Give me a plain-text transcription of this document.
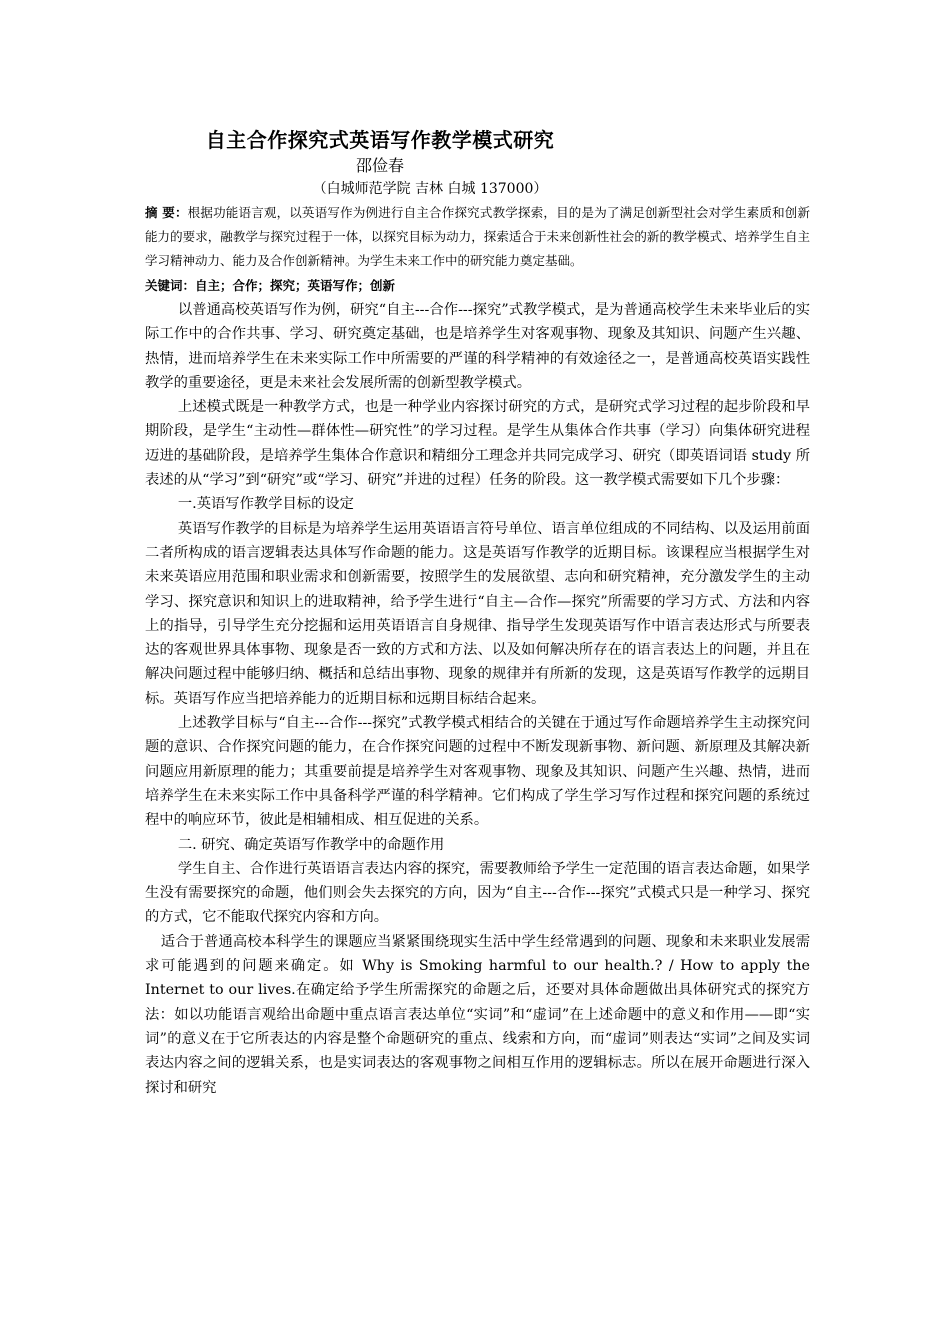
自主合作探究式英语写作教学模式研究
邵俭春
（白城师范学院 吉林 白城 137000）
摘 要：根据功能语言观，以英语写作为例进行自主合作探究式教学探索，目的是为了满足创新型社会对学生素质和创新能力的要求，融教学与探究过程于一体，以探究目标为动力，探索适合于未来创新性社会的新的教学模式、培养学生自主学习精神动力、能力及合作创新精神。为学生未来工作中的研究能力奠定基础。
关键词：自主；合作；探究；英语写作；创新

以普通高校英语写作为例，研究“自主---合作---探究”式教学模式，是为普通高校学生未来毕业后的实际工作中的合作共事、学习、研究奠定基础，也是培养学生对客观事物、现象及其知识、问题产生兴趣、热情，进而培养学生在未来实际工作中所需要的严谨的科学精神的有效途径之一，是普通高校英语实践性教学的重要途径，更是未来社会发展所需的创新型教学模式。

上述模式既是一种教学方式，也是一种学业内容探讨研究的方式，是研究式学习过程的起步阶段和早期阶段，是学生“主动性—群体性—研究性”的学习过程。是学生从集体合作共事（学习）向集体研究进程迈进的基础阶段，是培养学生集体合作意识和精细分工理念并共同完成学习、研究（即英语词语 study 所表述的从“学习”到“研究”或“学习、研究”并进的过程）任务的阶段。这一教学模式需要如下几个步骤：

一.英语写作教学目标的设定

英语写作教学的目标是为培养学生运用英语语言符号单位、语言单位组成的不同结构、以及运用前面二者所构成的语言逻辑表达具体写作命题的能力。这是英语写作教学的近期目标。该课程应当根据学生对未来英语应用范围和职业需求和创新需要，按照学生的发展欲望、志向和研究精神，充分激发学生的主动学习、探究意识和知识上的进取精神，给予学生进行“自主—合作—探究”所需要的学习方式、方法和内容上的指导，引导学生充分挖掘和运用英语语言自身规律、指导学生发现英语写作中语言表达形式与所要表达的客观世界具体事物、现象是否一致的方式和方法、以及如何解决所存在的语言表达上的问题，并且在解决问题过程中能够归纳、概括和总结出事物、现象的规律并有所新的发现，这是英语写作教学的远期目标。英语写作应当把培养能力的近期目标和远期目标结合起来。

上述教学目标与“自主---合作---探究”式教学模式相结合的关键在于通过写作命题培养学生主动探究问题的意识、合作探究问题的能力，在合作探究问题的过程中不断发现新事物、新问题、新原理及其解决新问题应用新原理的能力；其重要前提是培养学生对客观事物、现象及其知识、问题产生兴趣、热情，进而培养学生在未来实际工作中具备科学严谨的科学精神。它们构成了学生学习写作过程和探究问题的系统过程中的响应环节，彼此是相辅相成、相互促进的关系。

二. 研究、确定英语写作教学中的命题作用

学生自主、合作进行英语语言表达内容的探究，需要教师给予学生一定范围的语言表达命题，如果学生没有需要探究的命题，他们则会失去探究的方向，因为“自主---合作---探究”式模式只是一种学习、探究的方式，它不能取代探究内容和方向。

适合于普通高校本科学生的课题应当紧紧围绕现实生活中学生经常遇到的问题、现象和未来职业发展需求可能遇到的问题来确定。如 Why is Smoking harmful to our health.? / How to apply the Internet to our lives.在确定给予学生所需探究的命题之后，还要对具体命题做出具体研究式的探究方法：如以功能语言观给出命题中重点语言表达单位“实词”和“虚词”在上述命题中的意义和作用——即“实词”的意义在于它所表达的内容是整个命题研究的重点、线索和方向，而“虚词”则表达“实词”之间及实词表达内容之间的逻辑关系，也是实词表达的客观事物之间相互作用的逻辑标志。所以在展开命题进行深入探讨和研究
